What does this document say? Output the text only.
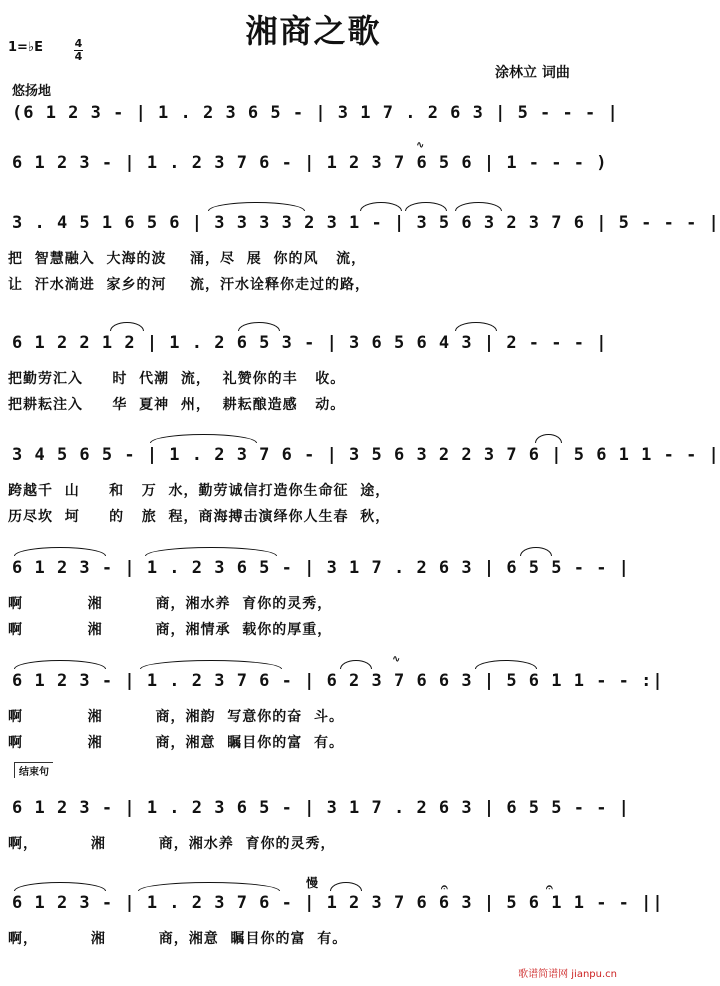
湘商之歌
1=♭E	4
4
悠扬地
涂林立 词曲
(6 1 2 3 - | 1 . 2 3 6 5 - | 3 1 7 . 2 6 3 | 5 - - - |
6 1 2 3 - | 1 . 2 3 7 6 - | 1 2 3 7 6 5 6 | 1 - - - )
∿
3 . 4 5 1 6 5 6 | 3 3 3 3 2 3 1 - | 3 5 6 3 2 3 7 6 | 5 - - - |
把  智慧融入  大海的波    涌，尽  展  你的风   流，
让  汗水淌进  家乡的河    流，汗水诠释你走过的路，
6 1 2 2 1 2 | 1 . 2 6 5 3 - | 3 6 5 6 4 3 | 2 - - - |
把勤劳汇入     时  代潮  流，  礼赞你的丰   收。
把耕耘注入     华  夏神  州，  耕耘酿造感   动。
3 4 5 6 5 - | 1 . 2 3 7 6 - | 3 5 6 3 2 2 3 7 6 | 5 6 1 1 - - |
跨越千  山     和   万  水，勤劳诚信打造你生命征  途，
历尽坎  坷     的   旅  程，商海搏击演绎你人生春  秋，
6 1 2 3 - | 1 . 2 3 6 5 - | 3 1 7 . 2 6 3 | 6 5 5 - - |
啊           湘         商，湘水养  育你的灵秀，
啊           湘         商，湘情承  载你的厚重，
6 1 2 3 - | 1 . 2 3 7 6 - | 6 2 3 7 6 6 3 | 5 6 1 1 - - :|
啊           湘         商，湘韵  写意你的奋  斗。
啊           湘         商，湘意  瞩目你的富  有。
∿
结束句
6 1 2 3 - | 1 . 2 3 6 5 - | 3 1 7 . 2 6 3 | 6 5 5 - - |
啊，         湘         商，湘水养  育你的灵秀，
6 1 2 3 - | 1 . 2 3 7 6 - | 1 2 3 7 6 6 3 | 5 6 1 1 - - ||
啊，         湘         商，湘意  瞩目你的富  有。
慢	𝄐	𝄐
歌谱简谱网 jianpu.cn
